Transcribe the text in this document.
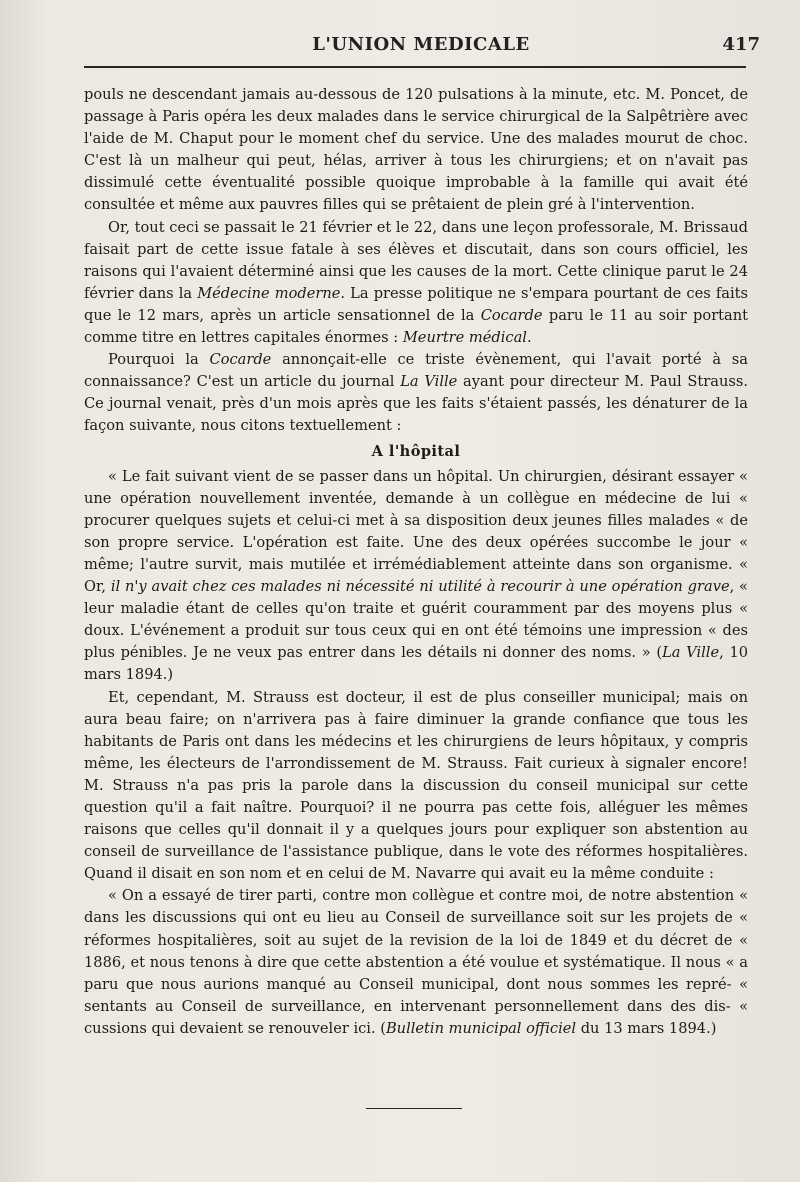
L'UNION MEDICALE	417

pouls ne descendant jamais au-dessous de 120 pulsations à la minute, etc. M. Poncet, de passage à Paris opéra les deux malades dans le service chirurgical de la Salpêtrière avec l'aide de M. Chaput pour le moment chef du service. Une des malades mourut de choc. C'est là un malheur qui peut, hélas, arriver à tous les chirurgiens; et on n'avait pas dissimulé cette éventualité possible quoique improbable à la famille qui avait été consultée et même aux pauvres filles qui se prêtaient de plein gré à l'intervention.

Or, tout ceci se passait le 21 février et le 22, dans une leçon professorale, M. Brissaud faisait part de cette issue fatale à ses élèves et discutait, dans son cours officiel, les raisons qui l'avaient déterminé ainsi que les causes de la mort. Cette clinique parut le 24 février dans la Médecine moderne. La presse politique ne s'empara pourtant de ces faits que le 12 mars, après un article sensationnel de la Cocarde paru le 11 au soir portant comme titre en lettres capitales énormes : Meurtre médical.

Pourquoi la Cocarde annonçait-elle ce triste évènement, qui l'avait porté à sa connaissance? C'est un article du journal La Ville ayant pour directeur M. Paul Strauss. Ce journal venait, près d'un mois après que les faits s'étaient passés, les dénaturer de la façon suivante, nous citons textuellement :

A l'hôpital

« Le fait suivant vient de se passer dans un hôpital. Un chirurgien, désirant essayer « une opération nouvellement inventée, demande à un collègue en médecine de lui « procurer quelques sujets et celui-ci met à sa disposition deux jeunes filles malades « de son propre service. L'opération est faite. Une des deux opérées succombe le jour « même; l'autre survit, mais mutilée et irrémédiablement atteinte dans son organisme. « Or, il n'y avait chez ces malades ni nécessité ni utilité à recourir à une opération grave, « leur maladie étant de celles qu'on traite et guérit couramment par des moyens plus « doux. L'événement a produit sur tous ceux qui en ont été témoins une impression « des plus pénibles. Je ne veux pas entrer dans les détails ni donner des noms. » (La Ville, 10 mars 1894.)

Et, cependant, M. Strauss est docteur, il est de plus conseiller municipal; mais on aura beau faire; on n'arrivera pas à faire diminuer la grande confiance que tous les habitants de Paris ont dans les médecins et les chirurgiens de leurs hôpitaux, y compris même, les électeurs de l'arrondissement de M. Strauss. Fait curieux à signaler encore! M. Strauss n'a pas pris la parole dans la discussion du conseil municipal sur cette question qu'il a fait naître. Pourquoi? il ne pourra pas cette fois, alléguer les mêmes raisons que celles qu'il donnait il y a quelques jours pour expliquer son abstention au conseil de surveillance de l'assistance publique, dans le vote des réformes hospitalières. Quand il disait en son nom et en celui de M. Navarre qui avait eu la même conduite :

« On a essayé de tirer parti, contre mon collègue et contre moi, de notre abstention « dans les discussions qui ont eu lieu au Conseil de surveillance soit sur les projets de « réformes hospitalières, soit au sujet de la revision de la loi de 1849 et du décret de « 1886, et nous tenons à dire que cette abstention a été voulue et systématique. Il nous « a paru que nous aurions manqué au Conseil municipal, dont nous sommes les repré- « sentants au Conseil de surveillance, en intervenant personnellement dans des dis- « cussions qui devaient se renouveler ici. (Bulletin municipal officiel du 13 mars 1894.)
